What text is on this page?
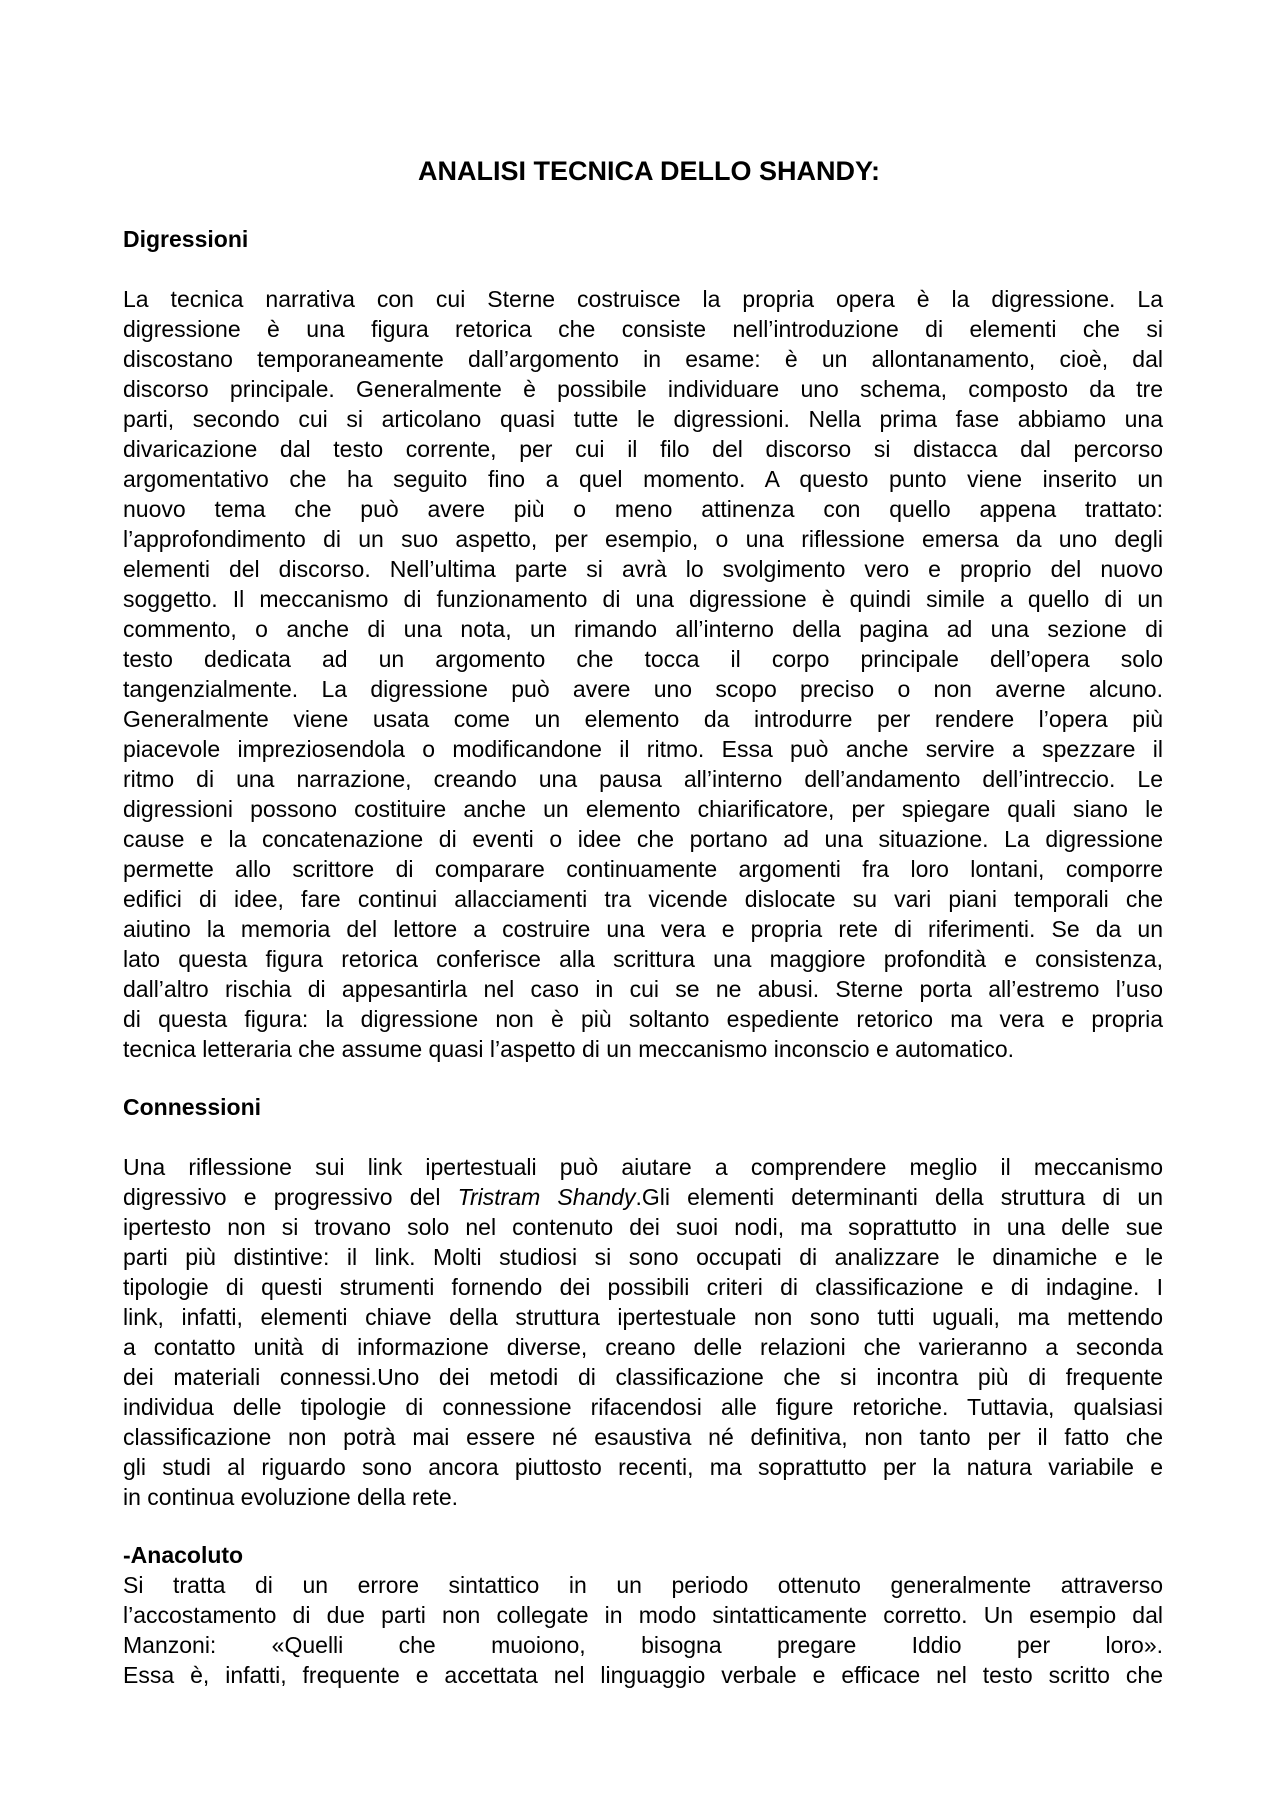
ANALISI TECNICA DELLO SHANDY:
Digressioni
La tecnica narrativa con cui Sterne costruisce la propria opera è la digressione. La
digressione è una figura retorica che consiste nell’introduzione di elementi che si
discostano temporaneamente dall’argomento in esame: è un allontanamento, cioè, dal
discorso principale. Generalmente è possibile individuare uno schema, composto da tre
parti, secondo cui si articolano quasi tutte le digressioni. Nella prima fase abbiamo una
divaricazione dal testo corrente, per cui il filo del discorso si distacca dal percorso
argomentativo che ha seguito fino a quel momento. A questo punto viene inserito un
nuovo tema che può avere più o meno attinenza con quello appena trattato:
l’approfondimento di un suo aspetto, per esempio, o una riflessione emersa da uno degli
elementi del discorso. Nell’ultima parte si avrà lo svolgimento vero e proprio del nuovo
soggetto. Il meccanismo di funzionamento di una digressione è quindi simile a quello di un
commento, o anche di una nota, un rimando all’interno della pagina ad una sezione di
testo dedicata ad un argomento che tocca il corpo principale dell’opera solo
tangenzialmente. La digressione può avere uno scopo preciso o non averne alcuno.
Generalmente viene usata come un elemento da introdurre per rendere l’opera più
piacevole impreziosendola o modificandone il ritmo. Essa può anche servire a spezzare il
ritmo di una narrazione, creando una pausa all’interno dell’andamento dell’intreccio. Le
digressioni possono costituire anche un elemento chiarificatore, per spiegare quali siano le
cause e la concatenazione di eventi o idee che portano ad una situazione. La digressione
permette allo scrittore di comparare continuamente argomenti fra loro lontani, comporre
edifici di idee, fare continui allacciamenti tra vicende dislocate su vari piani temporali che
aiutino la memoria del lettore a costruire una vera e propria rete di riferimenti. Se da un
lato questa figura retorica conferisce alla scrittura una maggiore profondità e consistenza,
dall’altro rischia di appesantirla nel caso in cui se ne abusi. Sterne porta all’estremo l’uso
di questa figura: la digressione non è più soltanto espediente retorico ma vera e propria
tecnica letteraria che assume quasi l’aspetto di un meccanismo inconscio e automatico.
Connessioni
Una riflessione sui link ipertestuali può aiutare a comprendere meglio il meccanismo
digressivo e progressivo del Tristram Shandy.Gli elementi determinanti della struttura di un
ipertesto non si trovano solo nel contenuto dei suoi nodi, ma soprattutto in una delle sue
parti più distintive: il link. Molti studiosi si sono occupati di analizzare le dinamiche e le
tipologie di questi strumenti fornendo dei possibili criteri di classificazione e di indagine. I
link, infatti, elementi chiave della struttura ipertestuale non sono tutti uguali, ma mettendo
a contatto unità di informazione diverse, creano delle relazioni che varieranno a seconda
dei materiali connessi.Uno dei metodi di classificazione che si incontra più di frequente
individua delle tipologie di connessione rifacendosi alle figure retoriche. Tuttavia, qualsiasi
classificazione non potrà mai essere né esaustiva né definitiva, non tanto per il fatto che
gli studi al riguardo sono ancora piuttosto recenti, ma soprattutto per la natura variabile e
in continua evoluzione della rete.
-Anacoluto
Si tratta di un errore sintattico in un periodo ottenuto generalmente attraverso
l’accostamento di due parti non collegate in modo sintatticamente corretto. Un esempio dal
Manzoni: «Quelli che muoiono, bisogna pregare Iddio per loro».
Essa è, infatti, frequente e accettata nel linguaggio verbale e efficace nel testo scritto che
